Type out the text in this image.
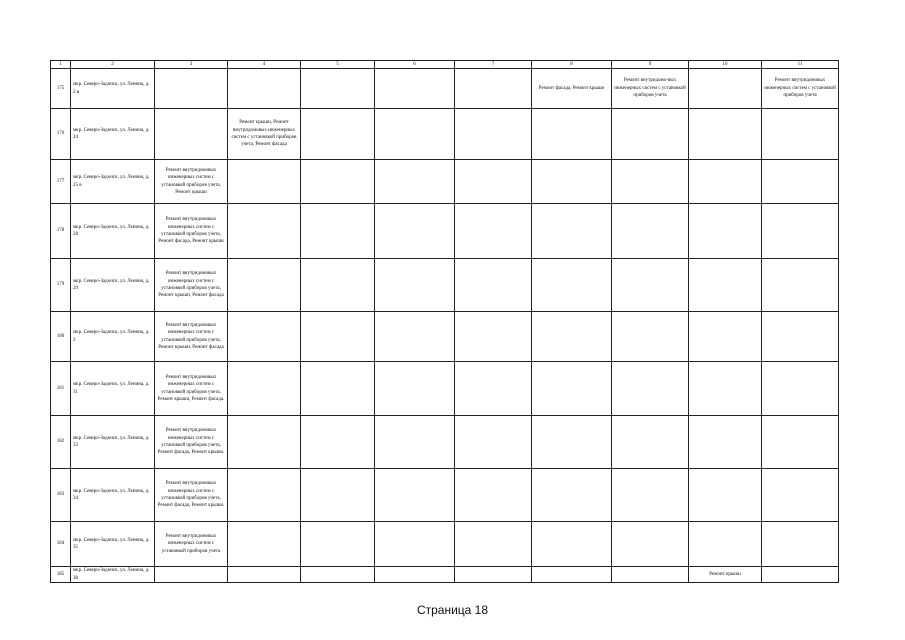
1	2	3	4	5	6	7	8	9	10	11
175	мкр. Северо-Задонск, ул. Ленина, д. 2 в						Ремонт фасада, Ремонт крыши	Ремонт внутридомо-вых инженерных систем с установкой приборов учета		Ремонт внутридомовых инженерных систем с установкой приборов учета
176	мкр. Северо-Задонск, ул. Ленина, д. 24		Ремонт крыши, Ремонт внутридомовых инженерных систем с установкой приборов учета, Ремонт фасада							
177	мкр. Северо-Задонск, ул. Ленина, д. 25 в	Ремонт внутридомовых инженерных систем с установкой приборов учета, Ремонт крыши								
178	мкр. Северо-Задонск, ул. Ленина, д. 28	Ремонт внутридомовых инженерных систем с установкой приборов учета, Ремонт фасада, Ремонт крыши								
179	мкр. Северо-Задонск, ул. Ленина, д. 29	Ремонт внутридомовых инженерных систем с установкой приборов учета, Ремонт крыши, Ремонт фасада								
180	мкр. Северо-Задонск, ул. Ленина, д. 3	Ремонт внутридомовых инженерных систем с установкой приборов учета, Ремонт крыши, Ремонт фасада								
181	мкр. Северо-Задонск, ул. Ленина, д. 31	Ремонт внутридомовых инженерных систем с установкой приборов учета, Ремонт крыши, Ремонт фасада.								
182	мкр. Северо-Задонск, ул. Ленина, д. 32	Ремонт внутридомовых инженерных систем с установкой приборов учета, Ремонт фасада, Ремонт крыши.								
183	мкр. Северо-Задонск, ул. Ленина, д. 34	Ремонт внутридомовых инженерных систем с установкой приборов учета, Ремонт фасада, Ремонт крыши.								
184	мкр. Северо-Задонск, ул. Ленина, д. 35	Ремонт внутридомовых инженерных систем с установкой приборов учета								
185	мкр. Северо-Задонск, ул. Ленина, д. 38								Ремонт крыши	
Страница 18
